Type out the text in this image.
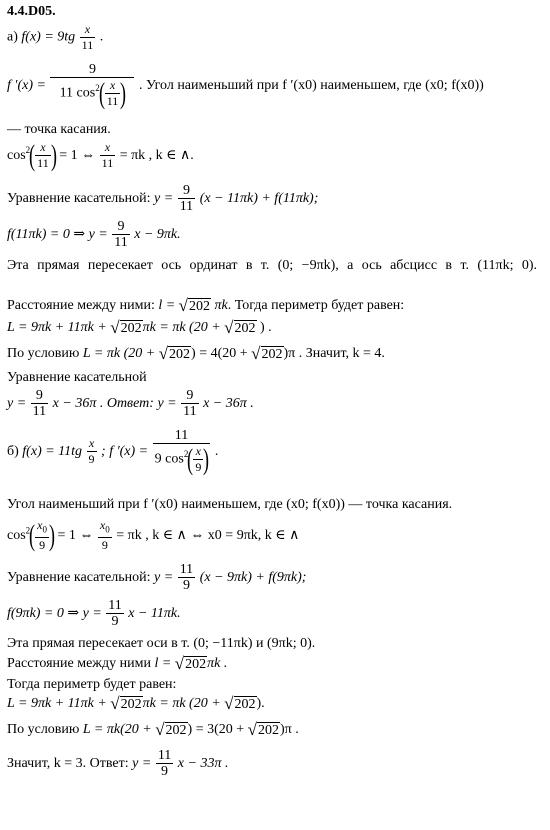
4.4.D05.
а) $f(x) = 9tg \frac{x}{11}$ .
f $'(x) = \frac{9}{11 \cos^2( \frac{x}{11} )}$ . Угол наименьший при f ′(x0) наименьшем, где (x0; f(x0))
— точка касания.
$\cos^2( \frac{x}{11}$ ) = 1 ⇔ $\frac{x}{11} = \pi k$ , k ∈ ∧.
Уравнение касательной: $y = \frac{9}{11} (x - 11\pi k) + f(11\pi k)$;
f(11πk) = 0 ⇒ $y = \frac{9}{11}$ x − 9πk.
Эта прямая пересекает ось ординат в т. (0; −9πk), а ось абсцисс в т. (11πk; 0).
Расстояние между ними: l = √202 πk. Тогда периметр будет равен:
L = 9πk + 11πk + √202πk = πk (20 + √202 ) .
По условию L = πk (20 + √202) = 4(20 + √202)π . Значит, k = 4.
Уравнение касательной
$y = \frac{9}{11}$ x − 36π . Ответ: $y = \frac{9}{11}$ x − 36π .
б) $f(x) = 11tg \frac{x}{9}$ ; f $'(x) = \frac{11}{9 \cos^2( \frac{x}{9} )}$ .
Угол наименьший при f ′(x0) наименьшем, где (x0; f(x0)) — точка касания.
$\cos^2( \frac{x_0}{9}$ ) = 1 ⇔ $\frac{x_0}{9} = \pi k$ , k ∈ ∧ ⇔ x0 = 9πk, k ∈ ∧
Уравнение касательной: $y = \frac{11}{9} (x - 9\pi k) + f(9\pi k)$;
f(9πk) = 0 ⇒ $y = \frac{11}{9}$ x − 11πk.
Эта прямая пересекает оси в т. (0; −11πk) и (9πk; 0).
Расстояние между ними l = √202πk .
Тогда периметр будет равен:
L = 9πk + 11πk + √202πk = πk (20 + √202).
По условию L = πk(20 + √202) = 3(20 + √202)π .
Значит, k = 3. Ответ: $y = \frac{11}{9}$ x − 33π .
